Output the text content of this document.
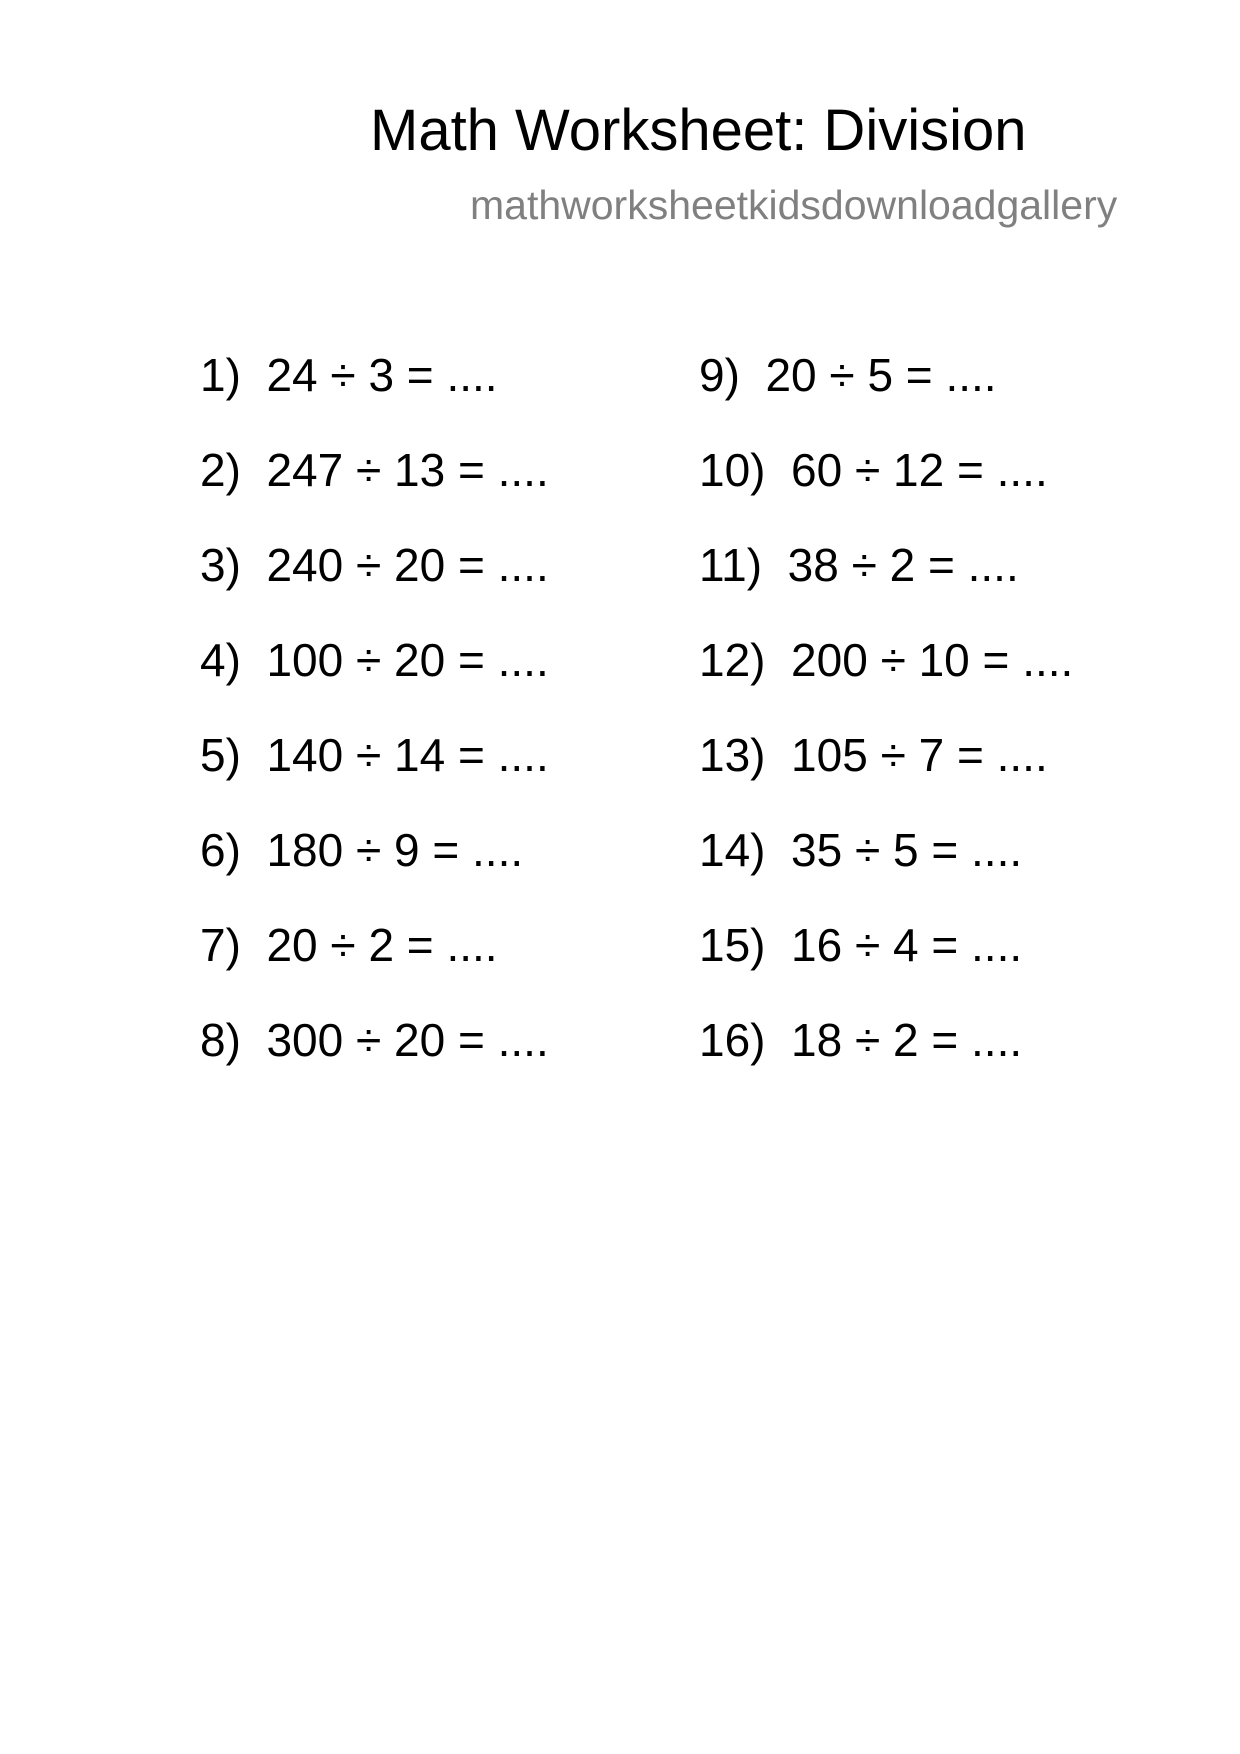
Math Worksheet: Division
mathworksheetkidsdownloadgallery
1)  24 ÷ 3 = ....
2)  247 ÷ 13 = ....
3)  240 ÷ 20 = ....
4)  100 ÷ 20 = ....
5)  140 ÷ 14 = ....
6)  180 ÷ 9 = ....
7)  20 ÷ 2 = ....
8)  300 ÷ 20 = ....
9)  20 ÷ 5 = ....
10)  60 ÷ 12 = ....
11)  38 ÷ 2 = ....
12)  200 ÷ 10 = ....
13)  105 ÷ 7 = ....
14)  35 ÷ 5 = ....
15)  16 ÷ 4 = ....
16)  18 ÷ 2 = ....
